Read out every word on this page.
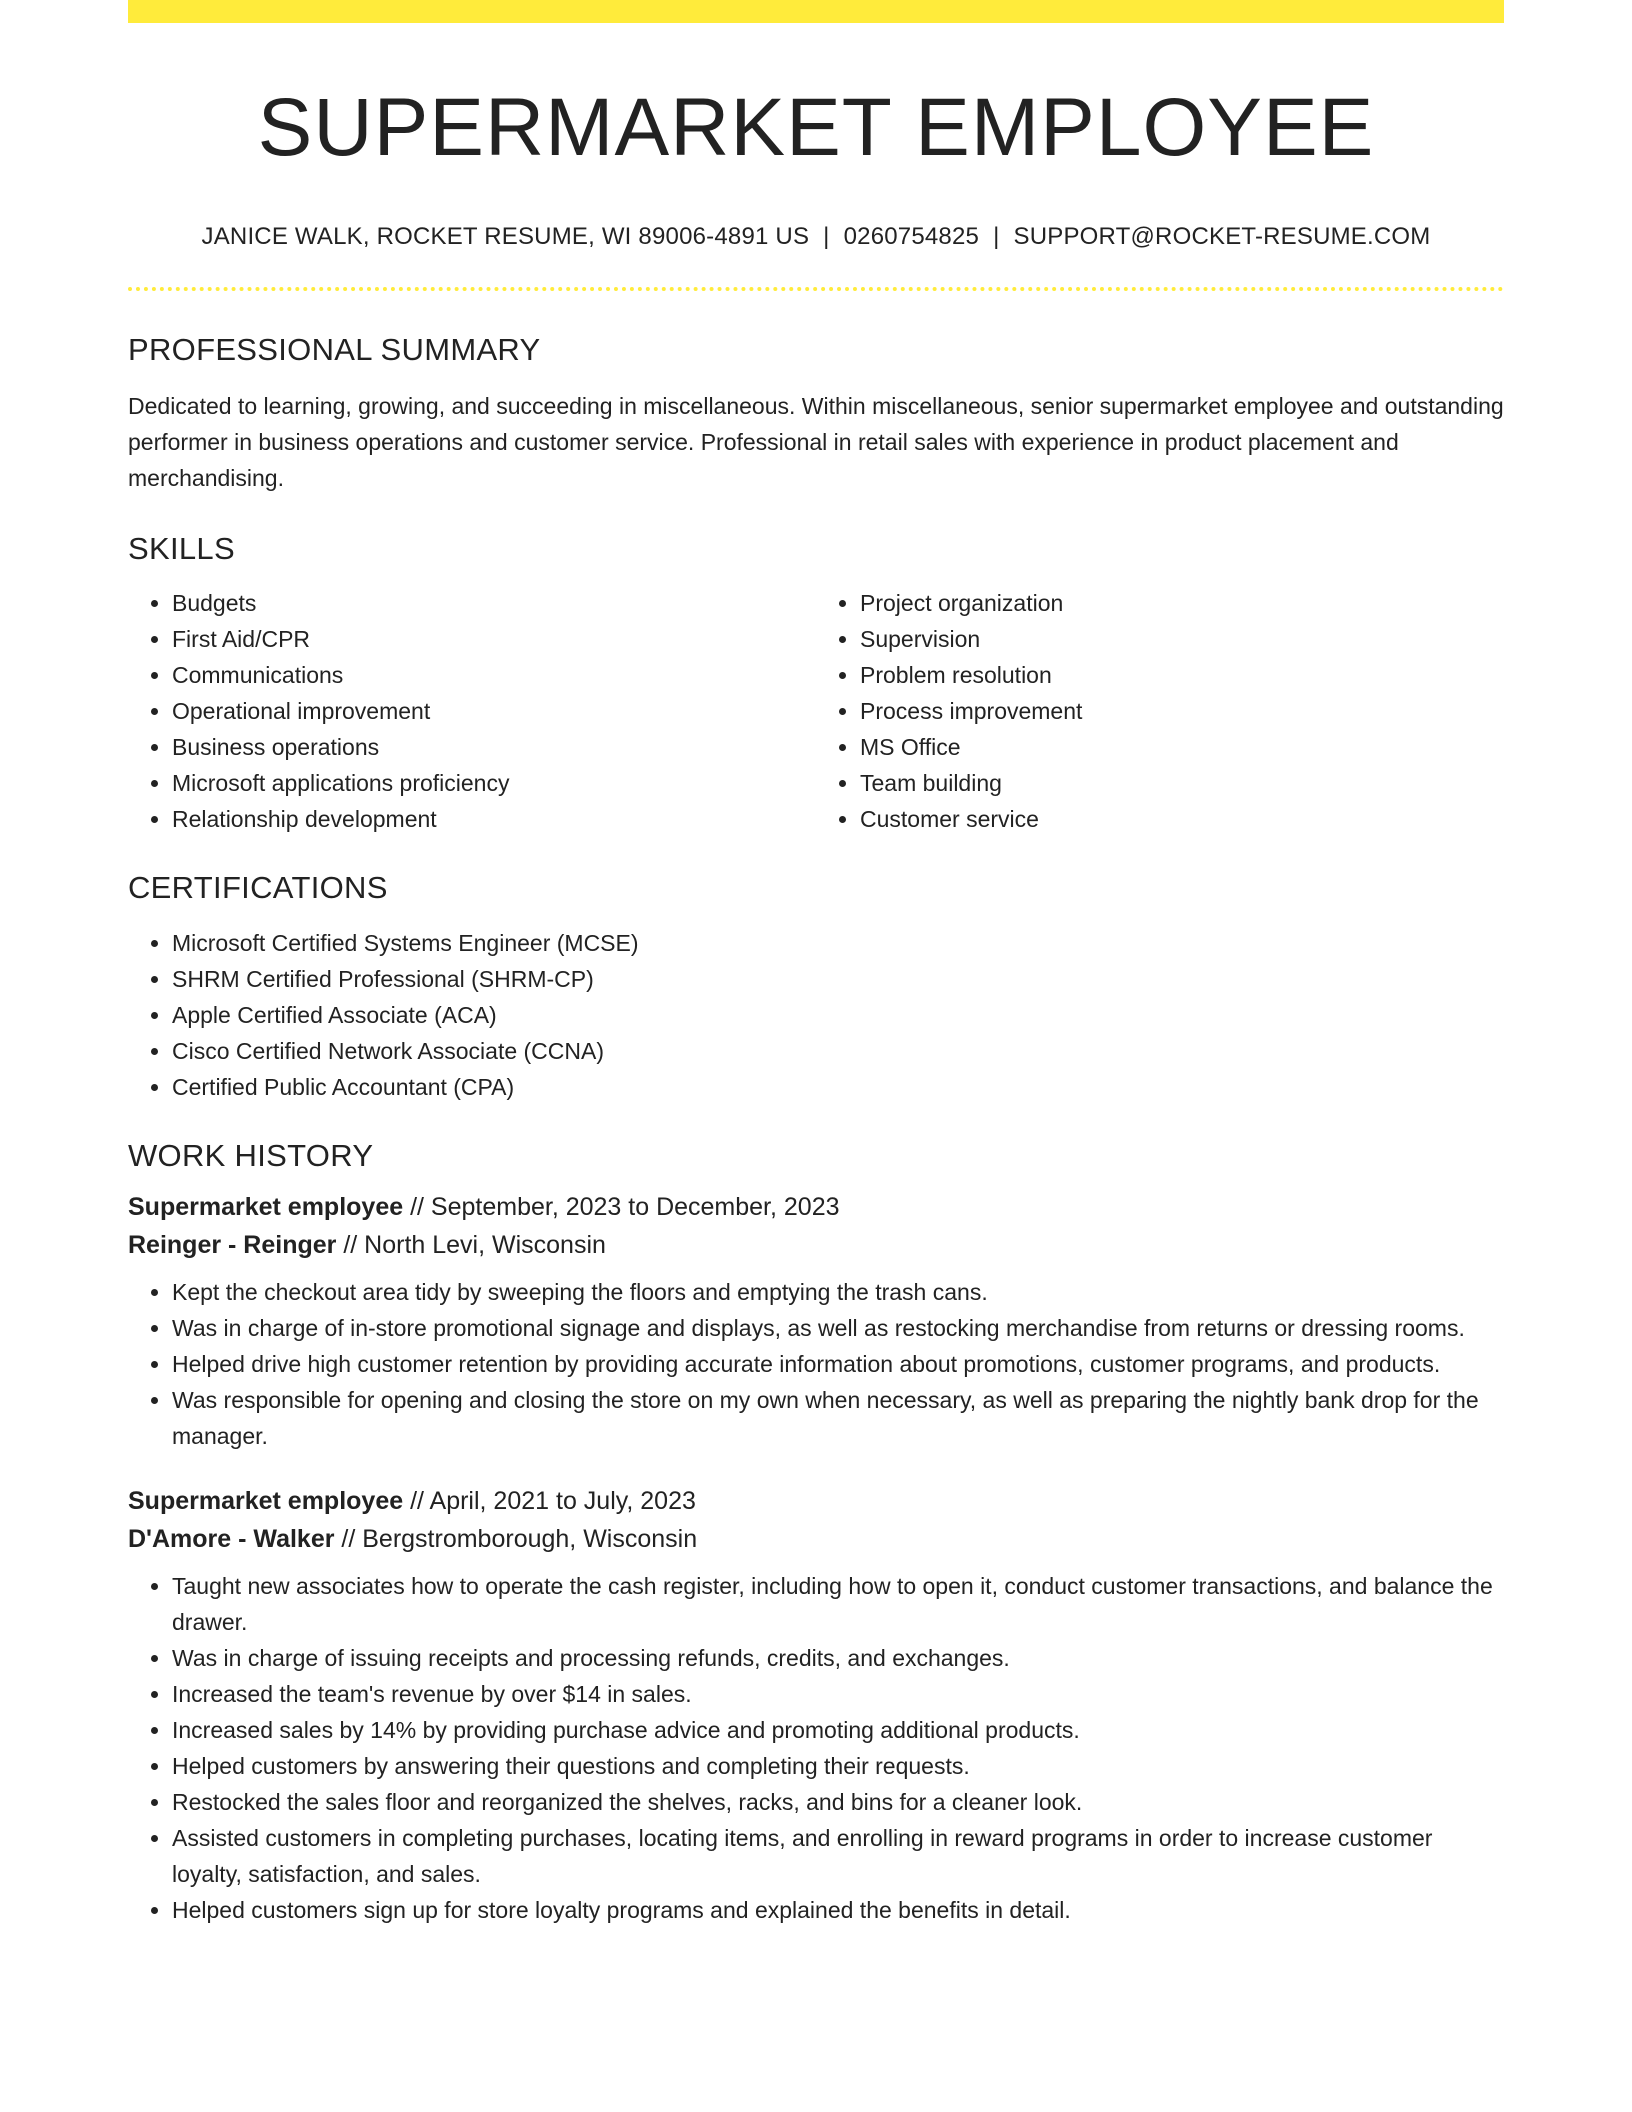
SUPERMARKET EMPLOYEE
JANICE WALK, ROCKET RESUME, WI 89006-4891 US | 0260754825 | SUPPORT@ROCKET-RESUME.COM
PROFESSIONAL SUMMARY

Dedicated to learning, growing, and succeeding in miscellaneous. Within miscellaneous, senior supermarket employee and outstanding performer in business operations and customer service. Professional in retail sales with experience in product placement and merchandising.

SKILLS
• Budgets
• First Aid/CPR
• Communications
• Operational improvement
• Business operations
• Microsoft applications proficiency
• Relationship development
• Project organization
• Supervision
• Problem resolution
• Process improvement
• MS Office
• Team building
• Customer service
CERTIFICATIONS
• Microsoft Certified Systems Engineer (MCSE)
• SHRM Certified Professional (SHRM-CP)
• Apple Certified Associate (ACA)
• Cisco Certified Network Associate (CCNA)
• Certified Public Accountant (CPA)
WORK HISTORY
Supermarket employee // September, 2023 to December, 2023
Reinger - Reinger // North Levi, Wisconsin
• Kept the checkout area tidy by sweeping the floors and emptying the trash cans.
• Was in charge of in-store promotional signage and displays, as well as restocking merchandise from returns or dressing rooms.
• Helped drive high customer retention by providing accurate information about promotions, customer programs, and products.
• Was responsible for opening and closing the store on my own when necessary, as well as preparing the nightly bank drop for the manager.
Supermarket employee // April, 2021 to July, 2023
D'Amore - Walker // Bergstromborough, Wisconsin
• Taught new associates how to operate the cash register, including how to open it, conduct customer transactions, and balance the drawer.
• Was in charge of issuing receipts and processing refunds, credits, and exchanges.
• Increased the team's revenue by over $14 in sales.
• Increased sales by 14% by providing purchase advice and promoting additional products.
• Helped customers by answering their questions and completing their requests.
• Restocked the sales floor and reorganized the shelves, racks, and bins for a cleaner look.
• Assisted customers in completing purchases, locating items, and enrolling in reward programs in order to increase customer loyalty, satisfaction, and sales.
• Helped customers sign up for store loyalty programs and explained the benefits in detail.
